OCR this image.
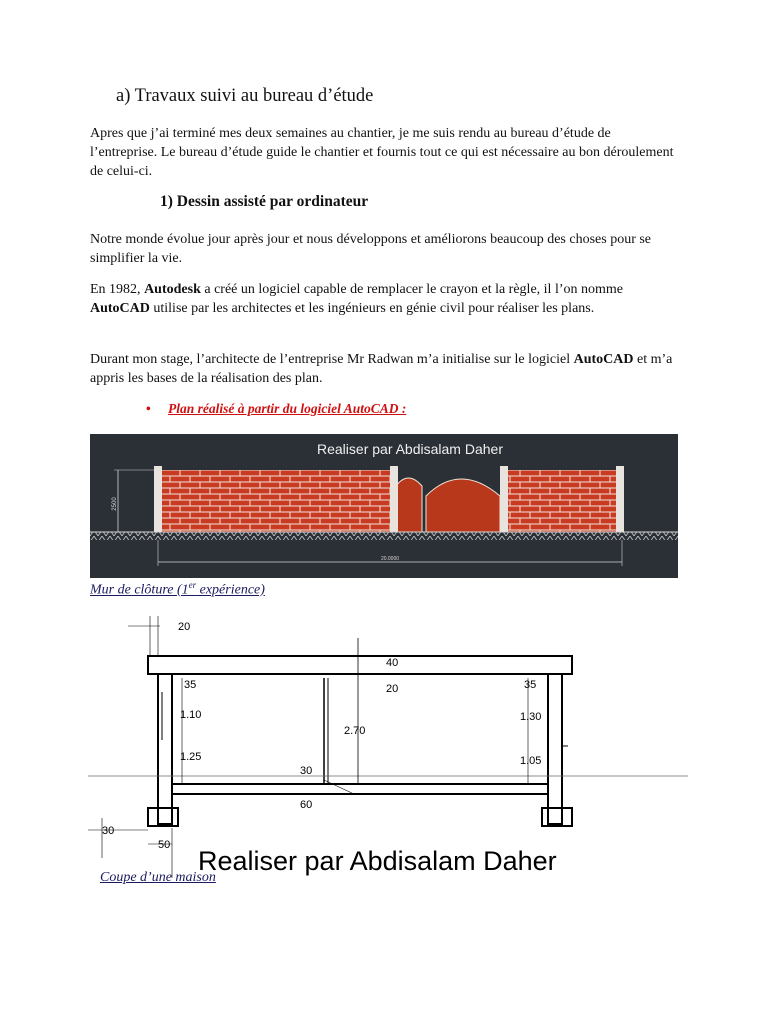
a) Travaux suivi au bureau d’étude
Apres que j’ai terminé mes deux semaines au chantier, je me suis rendu au bureau d’étude de l’entreprise. Le bureau d’étude guide le chantier et fournis tout ce qui est nécessaire au bon déroulement de celui-ci.
1) Dessin assisté par ordinateur
Notre monde évolue jour après jour et nous développons et améliorons beaucoup des choses pour se simplifier la vie.
En 1982, Autodesk a créé un logiciel capable de remplacer le crayon et la règle, il l’on nomme AutoCAD utilise par les architectes et les ingénieurs en génie civil pour réaliser les plans.
Durant mon stage, l’architecte de l’entreprise Mr Radwan m’a initialise sur le logiciel AutoCAD et m’a appris les bases de la réalisation des plan.
• Plan réalisé à partir du logiciel AutoCAD :
Realiser par Abdisalam Daher
2500
20.0000
Mur de clôture (1er expérience)
20
40
20
35
1.10
1.25
2.70
35
1.30
1.05
30
60
30
50
Realiser par Abdisalam Daher
Coupe d’une maison
